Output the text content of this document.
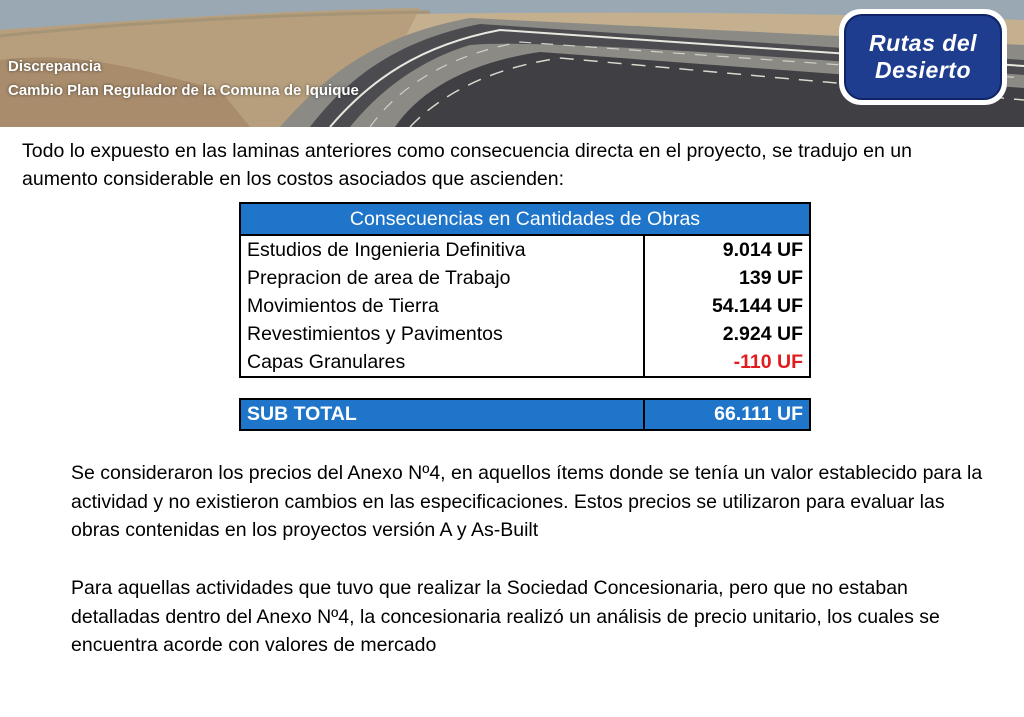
Discrepancia
Cambio Plan Regulador de la Comuna de Iquique
Rutas del
Desierto
Todo lo expuesto en las laminas anteriores como consecuencia directa en el proyecto, se tradujo en un aumento considerable en los costos asociados que ascienden:
Consecuencias en Cantidades de Obras	
Estudios de Ingenieria Definitiva	9.014 UF
Prepracion de area de Trabajo	139 UF
Movimientos de Tierra	54.144 UF
Revestimientos y Pavimentos	2.924 UF
Capas Granulares	-110 UF
SUB TOTAL	66.111 UF
Se consideraron los precios del Anexo Nº4, en aquellos ítems donde se tenía un valor establecido para la actividad y no existieron cambios en las especificaciones. Estos precios se utilizaron para evaluar las obras contenidas en los proyectos versión A y As-Built
Para aquellas actividades que tuvo que realizar la Sociedad Concesionaria, pero que no estaban detalladas dentro del Anexo Nº4, la concesionaria realizó un análisis de precio unitario, los cuales se encuentra acorde con valores de mercado
